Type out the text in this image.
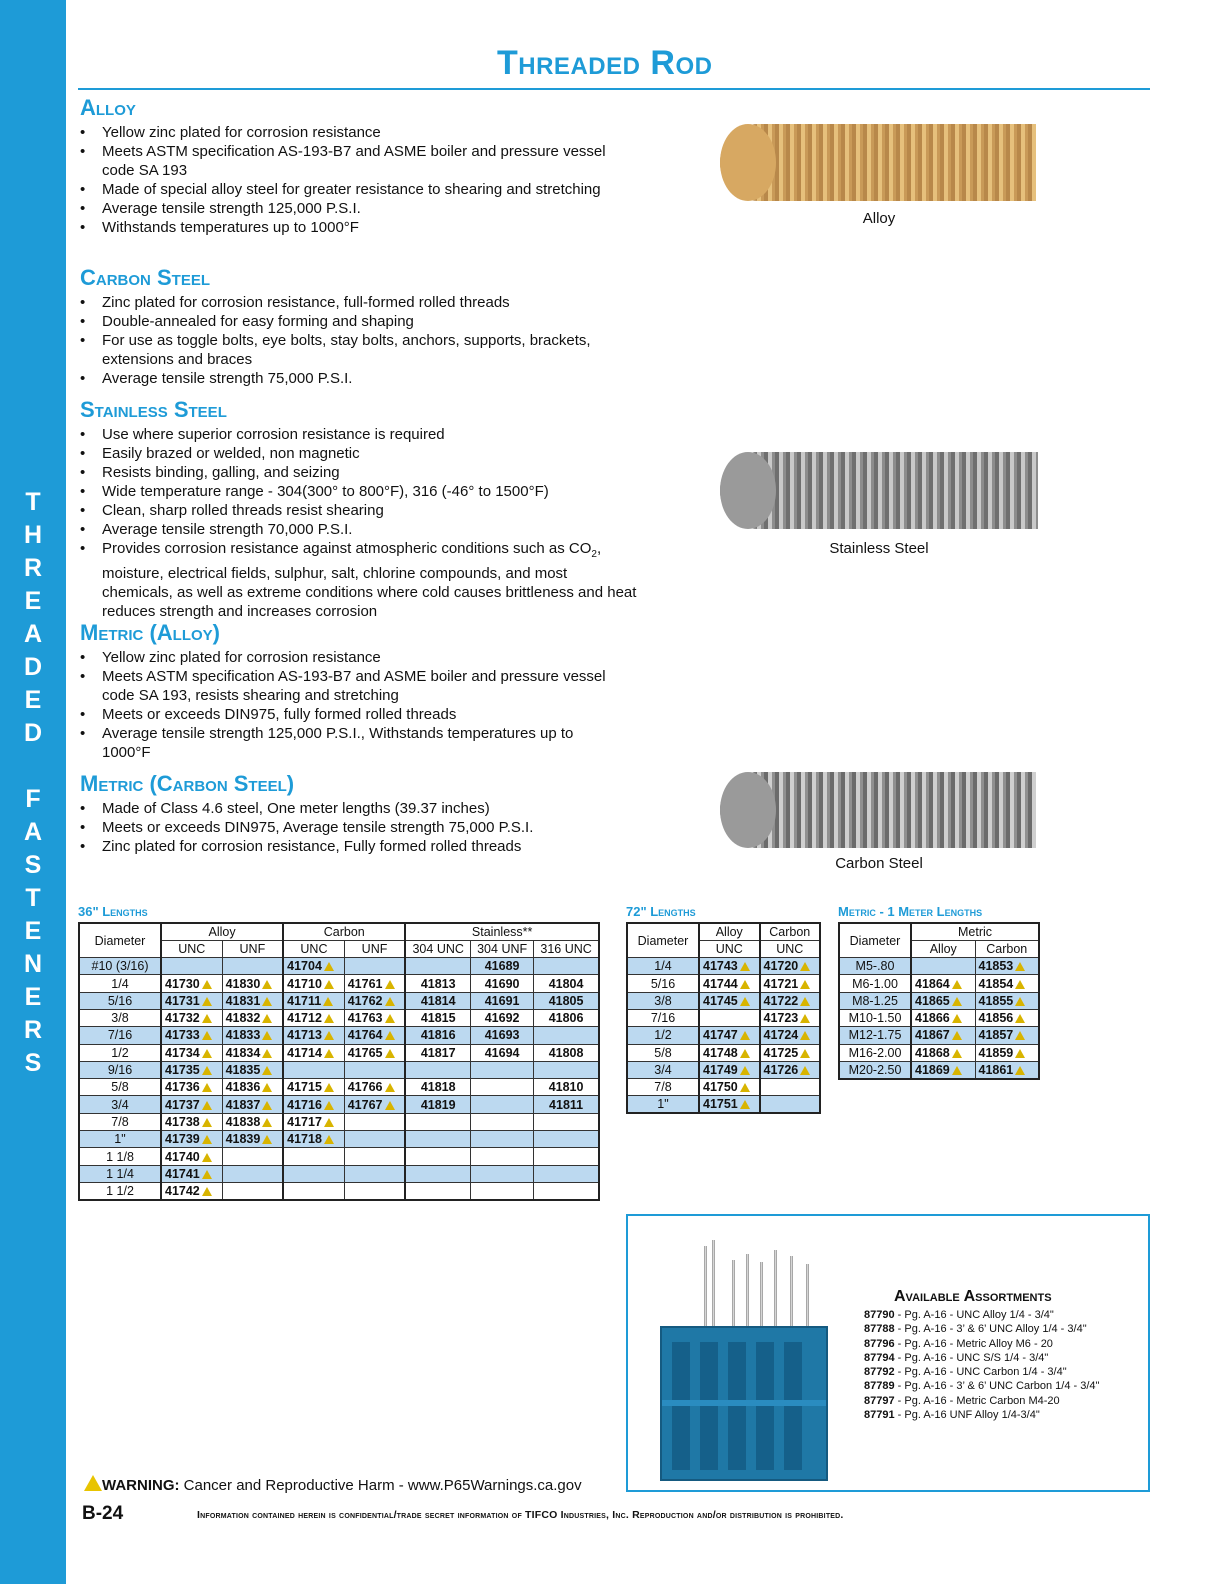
T
H
R
E
A
D
E
D
F
A
S
T
E
N
E
R
S
Threaded Rod
Alloy
• Yellow zinc plated for corrosion resistance
• Meets ASTM specification AS-193-B7 and ASME boiler and pressure vessel code SA 193
• Made of special alloy steel for greater resistance to shearing and stretching
• Average tensile strength 125,000 P.S.I.
• Withstands temperatures up to 1000°F
Carbon Steel
• Zinc plated for corrosion resistance, full-formed rolled threads
• Double-annealed for easy forming and shaping
• For use as toggle bolts, eye bolts, stay bolts, anchors, supports, brackets, extensions and braces
• Average tensile strength 75,000 P.S.I.
Stainless Steel
• Use where superior corrosion resistance is required
• Easily brazed or welded, non magnetic
• Resists binding, galling, and seizing
• Wide temperature range - 304(300° to 800°F), 316 (-46° to 1500°F)
• Clean, sharp rolled threads resist shearing
• Average tensile strength 70,000 P.S.I.
• Provides corrosion resistance against atmospheric conditions such as $CO_2$, moisture, electrical fields, sulphur, salt, chlorine compounds, and most chemicals, as well as extreme conditions where cold causes brittleness and heat reduces strength and increases corrosion
Metric (Alloy)
• Yellow zinc plated for corrosion resistance
• Meets ASTM specification AS-193-B7 and ASME boiler and pressure vessel code SA 193, resists shearing and stretching
• Meets or exceeds DIN975, fully formed rolled threads
• Average tensile strength 125,000 P.S.I., Withstands temperatures up to 1000°F
Metric (Carbon Steel)
• Made of Class 4.6 steel, One meter lengths (39.37 inches)
• Meets or exceeds DIN975, Average tensile strength 75,000 P.S.I.
• Zinc plated for corrosion resistance, Fully formed rolled threads
Alloy
Stainless Steel
Carbon Steel
36" Lengths
Diameter	Alloy		Carbon		Stainless**		
	UNC	UNF	UNC	UNF	304 UNC	304 UNF	316 UNC
#10 (3/16)			41704			41689	
1/4	41730	41830	41710	41761	41813	41690	41804
5/16	41731	41831	41711	41762	41814	41691	41805
3/8	41732	41832	41712	41763	41815	41692	41806
7/16	41733	41833	41713	41764	41816	41693	
1/2	41734	41834	41714	41765	41817	41694	41808
9/16	41735	41835					
5/8	41736	41836	41715	41766	41818		41810
3/4	41737	41837	41716	41767	41819		41811
7/8	41738	41838	41717				
1"	41739	41839	41718				
1 1/8	41740						
1 1/4	41741						
1 1/2	41742						
72" Lengths
Diameter	Alloy	Carbon
	UNC	UNC
1/4	41743	41720
5/16	41744	41721
3/8	41745	41722
7/16		41723
1/2	41747	41724
5/8	41748	41725
3/4	41749	41726
7/8	41750	
1"	41751	
Metric - 1 Meter Lengths
Diameter	Metric	
	Alloy	Carbon
M5-.80		41853
M6-1.00	41864	41854
M8-1.25	41865	41855
M10-1.50	41866	41856
M12-1.75	41867	41857
M16-2.00	41868	41859
M20-2.50	41869	41861
Available Assortments
87790 - Pg. A-16 - UNC Alloy 1/4 - 3/4"
87788 - Pg. A-16 - 3’ & 6’ UNC Alloy 1/4 - 3/4"
87796 - Pg. A-16 - Metric Alloy M6 - 20
87794 - Pg. A-16 - UNC S/S 1/4 - 3/4"
87792 - Pg. A-16 - UNC Carbon 1/4 - 3/4"
87789 - Pg. A-16 - 3’ & 6’ UNC Carbon 1/4 - 3/4"
87797 - Pg. A-16 - Metric Carbon M4-20
87791 - Pg. A-16 UNF Alloy 1/4-3/4"
WARNING: Cancer and Reproductive Harm - www.P65Warnings.ca.gov
B-24	Information contained herein is confidential/trade secret information of TIFCO Industries, Inc. Reproduction and/or distribution is prohibited.
